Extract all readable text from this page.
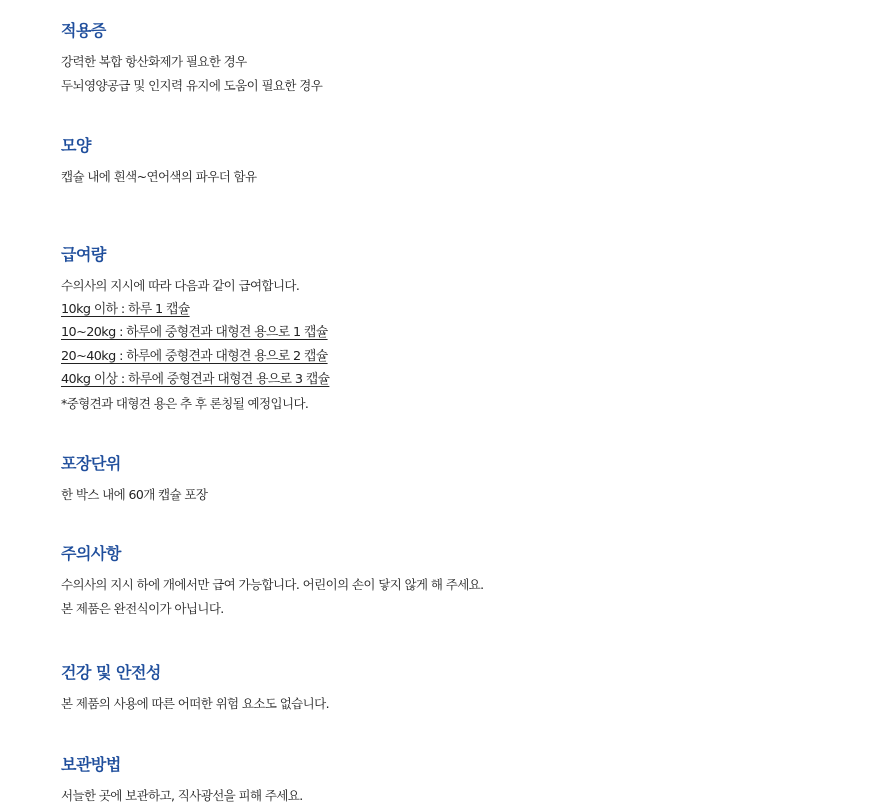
적용증
강력한 복합 항산화제가 필요한 경우
두뇌영양공급 및 인지력 유지에 도움이 필요한 경우
모양
캡슐 내에 흰색~연어색의 파우더 함유
급여량
수의사의 지시에 따라 다음과 같이 급여합니다.
10kg 이하 : 하루 1 캡슐
10~20kg : 하루에 중형견과 대형견 용으로 1 캡슐
20~40kg : 하루에 중형견과 대형견 용으로 2 캡슐
40kg 이상 : 하루에 중형견과 대형견 용으로 3 캡슐
*중형견과 대형견 용은 추 후 론칭될 예정입니다.
포장단위
한 박스 내에 60개 캡슐 포장
주의사항
수의사의 지시 하에 개에서만 급여 가능합니다. 어린이의 손이 닿지 않게 해 주세요.
본 제품은 완전식이가 아닙니다.
건강 및 안전성
본 제품의 사용에 따른 어떠한 위험 요소도 없습니다.
보관방법
서늘한 곳에 보관하고, 직사광선을 피해 주세요.
